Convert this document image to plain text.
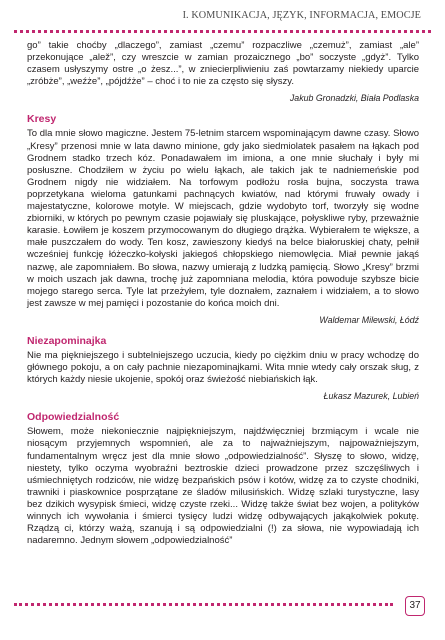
I. KOMUNIKACJA, JĘZYK, INFORMACJA, EMOCJE

go” takie choćby „dlaczego”, zamiast „czemu” rozpaczliwe „czemuż”, zamiast „ale” przekonujące „alež”, czy wreszcie w zamian prozaicznego „bo” soczyste „gdyż”. Tylko czasem usłyszymy ostre „o żesz...”, w zniecierpliwieniu zaś powtarzamy niekiedy uparcie „zróbże”, „weźże”, „pójdźże” – choć i to nie za często się słyszy.

Jakub Gronadzki, Biała Podlaska
Kresy

To dla mnie słowo magiczne. Jestem 75-letnim starcem wspominającym dawne czasy. Słowo „Kresy” przenosi mnie w lata dawno minione, gdy jako siedmiolatek pasałem na łąkach pod Grodnem stadko trzech kóz. Ponadawałem im imiona, a one mnie słuchały i były mi posłuszne. Chodziłem w życiu po wielu łąkach, ale takich jak te nadniemeńskie pod Grodnem nigdy nie widziałem. Na torfowym podłożu rosła bujna, soczysta trawa poprzetykana wieloma gatunkami pachnących kwiatów, nad którymi fruwały owady i majestatyczne, kolorowe motyle. W miejscach, gdzie wydobyto torf, tworzyły się wodne zbiorniki, w których po pewnym czasie pojawiały się pluskające, połyskliwe ryby, przeważnie karasie. Łowiłem je koszem przymocowanym do długiego drążka. Wybierałem te większe, a małe puszczałem do wody. Ten kosz, zawieszony kiedyś na belce białoruskiej chaty, pełnił wcześniej funkcję łóżeczko-kołyski jakiegoś chłopskiego niemowlęcia. Miał pewnie jakąś nazwę, ale zapomniałem. Bo słowa, nazwy umierają z ludzką pamięcią. Słowo „Kresy” brzmi w moich uszach jak dawna, trochę już zapomniana melodia, która powoduje szybsze bicie mojego starego serca. Tyle lat przeżyłem, tyle doznałem, zaznałem i widziałem, a to słowo jest zawsze w mej pamięci i pozostanie do końca moich dni.

Waldemar Milewski, Łódź
Niezapominajka

Nie ma piękniejszego i subtelniejszego uczucia, kiedy po ciężkim dniu w pracy wchodzę do głównego pokoju, a on cały pachnie niezapominajkami. Wita mnie wtedy cały orszak sług, z których każdy niesie ukojenie, spokój oraz świeżość niebiańskich łąk.

Łukasz Mazurek, Lubień
Odpowiedzialność

Słowem, może niekoniecznie najpiękniejszym, najdźwięczniej brzmiącym i wcale nie niosącym przyjemnych wspomnień, ale za to najważniejszym, najpoważniejszym, fundamentalnym wręcz jest dla mnie słowo „odpowiedzialność”. Słyszę to słowo, widzę, niestety, tylko oczyma wyobraźni beztroskie dzieci prowadzone przez szczęśliwych i uśmiechniętych rodziców, nie widzę bezpańskich psów i kotów, widzę za to czyste chodniki, trawniki i piaskownice posprzątane ze śladów milusińskich. Widzę szlaki turystyczne, lasy bez dzikich wysypisk śmieci, widzę czyste rzeki... Widzę także świat bez wojen, a polityków winnych ich wywołania i śmierci tysięcy ludzi widzę odbywających jakąkolwiek pokutę. Rządzą ci, którzy ważą, szanują i są odpowiedzialni (!) za słowa, nie wypowiadają ich nadaremno. Jednym słowem „odpowiedzialność”

37
